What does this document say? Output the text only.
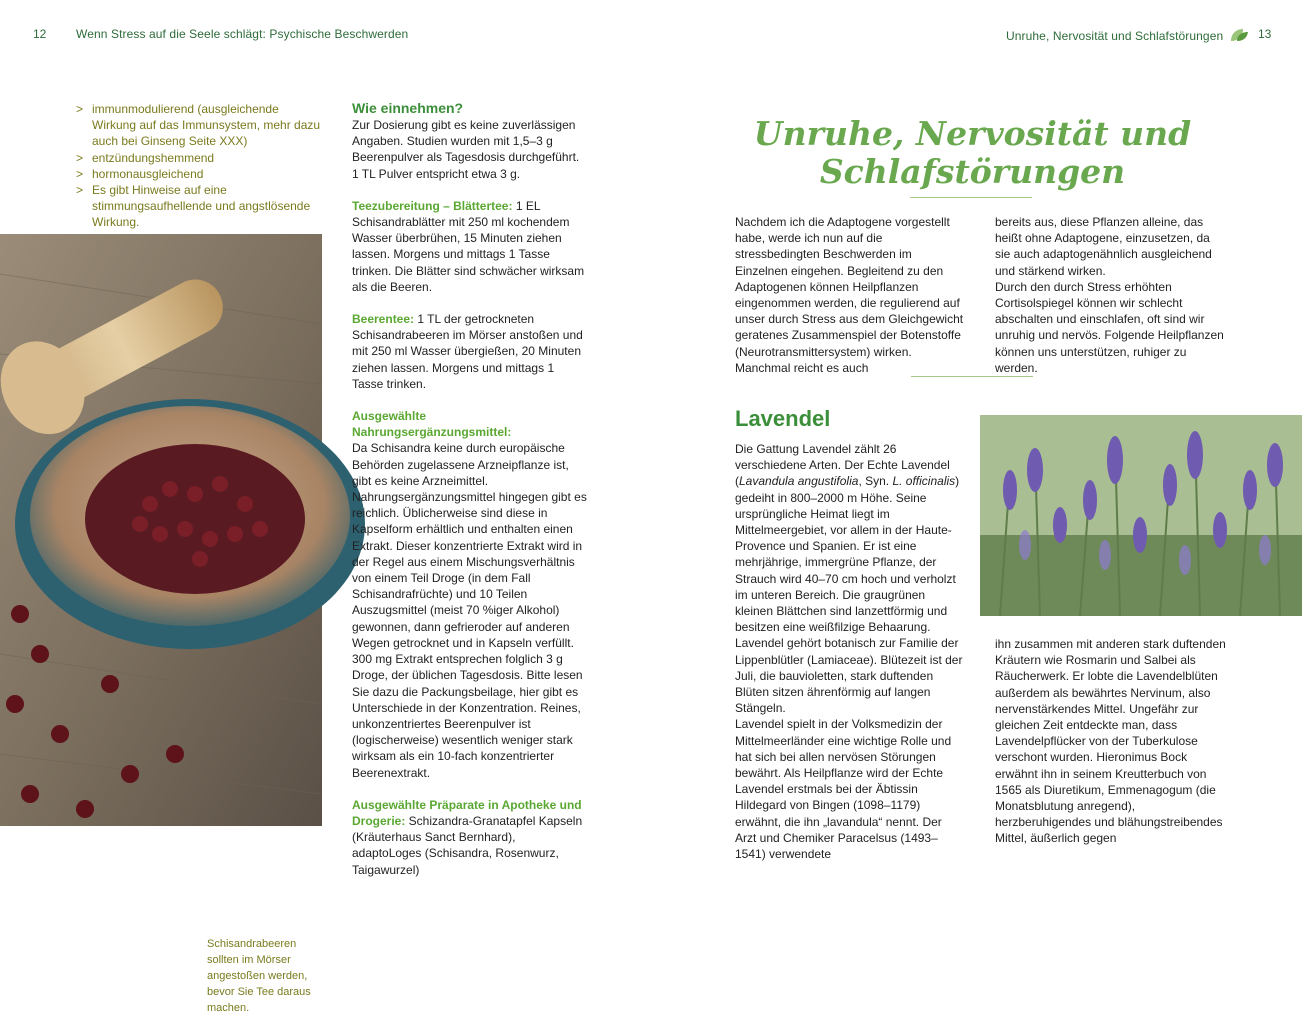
12 Wenn Stress auf die Seele schlägt: Psychische Beschwerden
> immunmodulierend (ausgleichende Wirkung auf das Immunsystem, mehr dazu auch bei Ginseng Seite XXX)
> entzündungshemmend
> hormonausgleichend
> Es gibt Hinweise auf eine stimmungsaufhellende und angstlösende Wirkung.
Schisandrabeeren sollten im Mörser angestoßen werden, bevor Sie Tee daraus machen.
Wie einnehmen?
Zur Dosierung gibt es keine zuverlässigen Angaben. Studien wurden mit 1,5–3 g Beerenpulver als Tagesdosis durchgeführt. 1 TL Pulver entspricht etwa 3 g.
Teezubereitung – Blättertee: 1 EL Schisandrablätter mit 250 ml kochendem Wasser überbrühen, 15 Minuten ziehen lassen. Morgens und mittags 1 Tasse trinken. Die Blätter sind schwächer wirksam als die Beeren.
Beerentee: 1 TL der getrockneten Schisandrabeeren im Mörser anstoßen und mit 250 ml Wasser übergießen, 20 Minuten ziehen lassen. Morgens und mittags 1 Tasse trinken.
Ausgewählte Nahrungsergänzungsmittel:
Da Schisandra keine durch europäische Behörden zugelassene Arzneipflanze ist, gibt es keine Arzneimittel. Nahrungsergänzungsmittel hingegen gibt es reichlich. Üblicherweise sind diese in Kapselform erhältlich und enthalten einen Extrakt. Dieser konzentrierte Extrakt wird in der Regel aus einem Mischungsverhältnis von einem Teil Droge (in dem Fall Schisandrafrüchte) und 10 Teilen Auszugsmittel (meist 70 %iger Alkohol) gewonnen, dann gefrieroder auf anderen Wegen getrocknet und in Kapseln verfüllt. 300 mg Extrakt entsprechen folglich 3 g Droge, der üblichen Tagesdosis. Bitte lesen Sie dazu die Packungsbeilage, hier gibt es Unterschiede in der Konzentration. Reines, unkonzentriertes Beerenpulver ist (logischerweise) wesentlich weniger stark wirksam als ein 10-fach konzentrierter Beerenextrakt.
Ausgewählte Präparate in Apotheke und Drogerie: Schizandra-Granatapfel Kapseln (Kräuterhaus Sanct Bernhard), adaptoLoges (Schisandra, Rosenwurz, Taigawurzel)
Unruhe, Nervosität und Schlafstörungen	13
Unruhe, Nervosität und
Schlafstörungen
Nachdem ich die Adaptogene vorgestellt habe, werde ich nun auf die stressbedingten Beschwerden im Einzelnen eingehen. Begleitend zu den Adaptogenen können Heilpflanzen eingenommen werden, die regulierend auf unser durch Stress aus dem Gleichgewicht geratenes Zusammenspiel der Botenstoffe (Neurotransmittersystem) wirken. Manchmal reicht es auch
bereits aus, diese Pflanzen alleine, das heißt ohne Adaptogene, einzusetzen, da sie auch adaptogenähnlich ausgleichend und stärkend wirken.
Durch den durch Stress erhöhten Cortisolspiegel können wir schlecht abschalten und einschlafen, oft sind wir unruhig und nervös. Folgende Heilpflanzen können uns unterstützen, ruhiger zu werden.
Lavendel
Die Gattung Lavendel zählt 26 verschiedene Arten. Der Echte Lavendel (Lavandula angustifolia, Syn. L. officinalis) gedeiht in 800–2000 m Höhe. Seine ursprüngliche Heimat liegt im Mittelmeergebiet, vor allem in der Haute-Provence und Spanien. Er ist eine mehrjährige, immergrüne Pflanze, der Strauch wird 40–70 cm hoch und verholzt im unteren Bereich. Die graugrünen kleinen Blättchen sind lanzettförmig und besitzen eine weißfilzige Behaarung. Lavendel gehört botanisch zur Familie der Lippenblütler (Lamiaceae). Blütezeit ist der Juli, die bauvioletten, stark duftenden Blüten sitzen ährenförmig auf langen Stängeln.
Lavendel spielt in der Volksmedizin der Mittelmeerländer eine wichtige Rolle und hat sich bei allen nervösen Störungen bewährt. Als Heilpflanze wird der Echte Lavendel erstmals bei der Äbtissin Hildegard von Bingen (1098–1179) erwähnt, die ihn „lavandula“ nennt. Der Arzt und Chemiker Paracelsus (1493–1541) verwendete
ihn zusammen mit anderen stark duftenden Kräutern wie Rosmarin und Salbei als Räucherwerk. Er lobte die Lavendelblüten außerdem als bewährtes Nervinum, also nervenstärkendes Mittel. Ungefähr zur gleichen Zeit entdeckte man, dass Lavendelpflücker von der Tuberkulose verschont wurden. Hieronimus Bock erwähnt ihn in seinem Kreutterbuch von 1565 als Diuretikum, Emmenagogum (die Monatsblutung anregend), herzberuhigendes und blähungstreibendes Mittel, äußerlich gegen
